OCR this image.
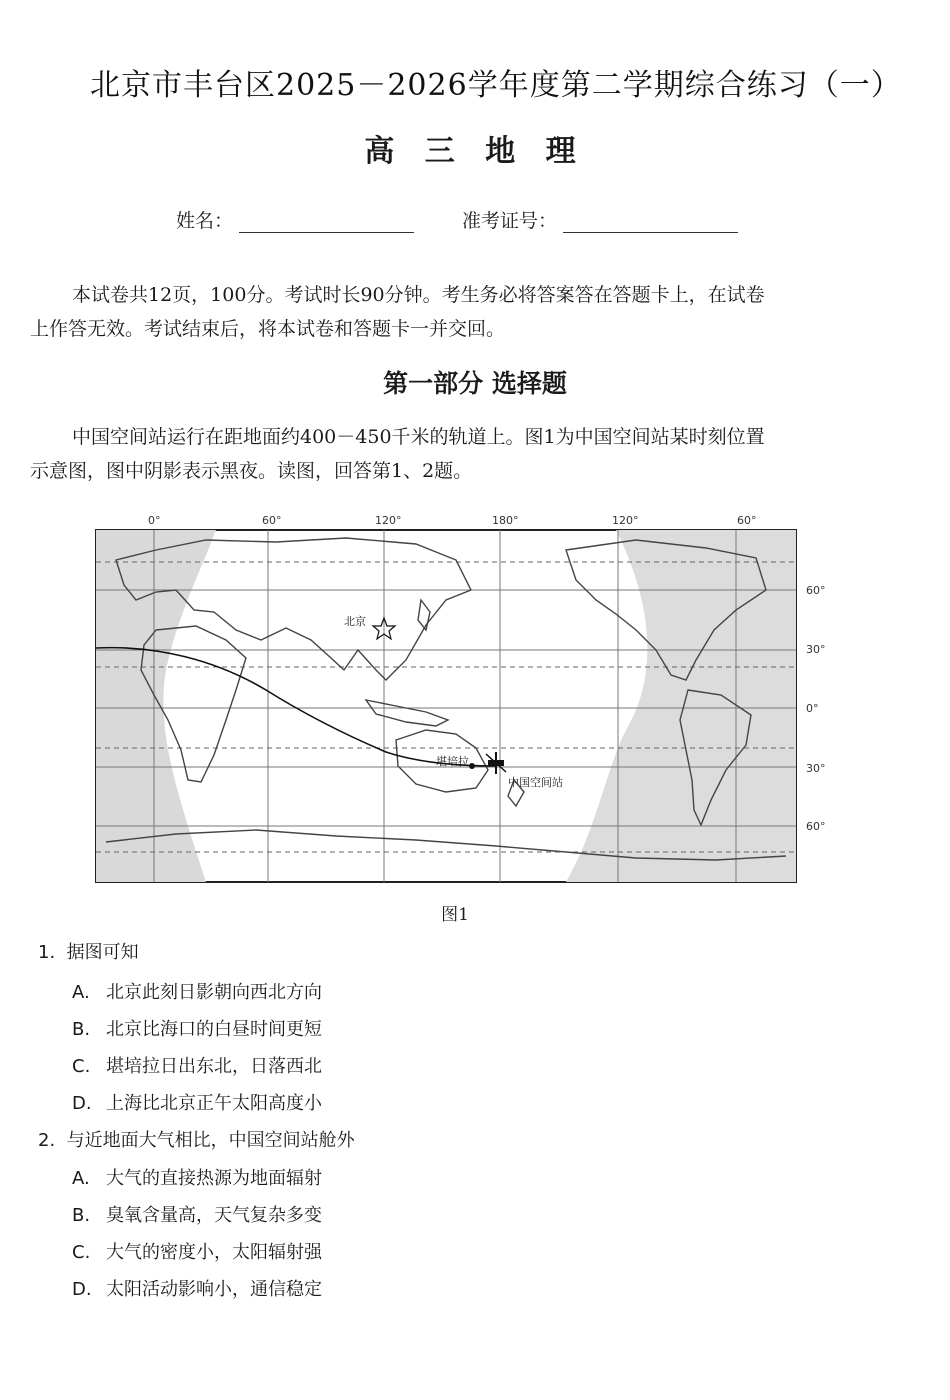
北京市丰台区2025－2026学年度第二学期综合练习（一）
高 三 地 理
姓名：	准考证号：
本试卷共12页，100分。考试时长90分钟。考生务必将答案答在答题卡上，在试卷
上作答无效。考试结束后，将本试卷和答题卡一并交回。
第一部分 选择题
中国空间站运行在距地面约400－450千米的轨道上。图1为中国空间站某时刻位置
示意图，图中阴影表示黑夜。读图，回答第1、2题。
0°	60°	120°	180°	120°	60°
60°
30°
0°
30°
60°
北京
堪培拉
中国空间站
图1
1. 据图可知
A. 北京此刻日影朝向西北方向
B. 北京比海口的白昼时间更短
C. 堪培拉日出东北，日落西北
D. 上海比北京正午太阳高度小
2. 与近地面大气相比，中国空间站舱外
A. 大气的直接热源为地面辐射
B. 臭氧含量高，天气复杂多变
C. 大气的密度小，太阳辐射强
D. 太阳活动影响小，通信稳定
